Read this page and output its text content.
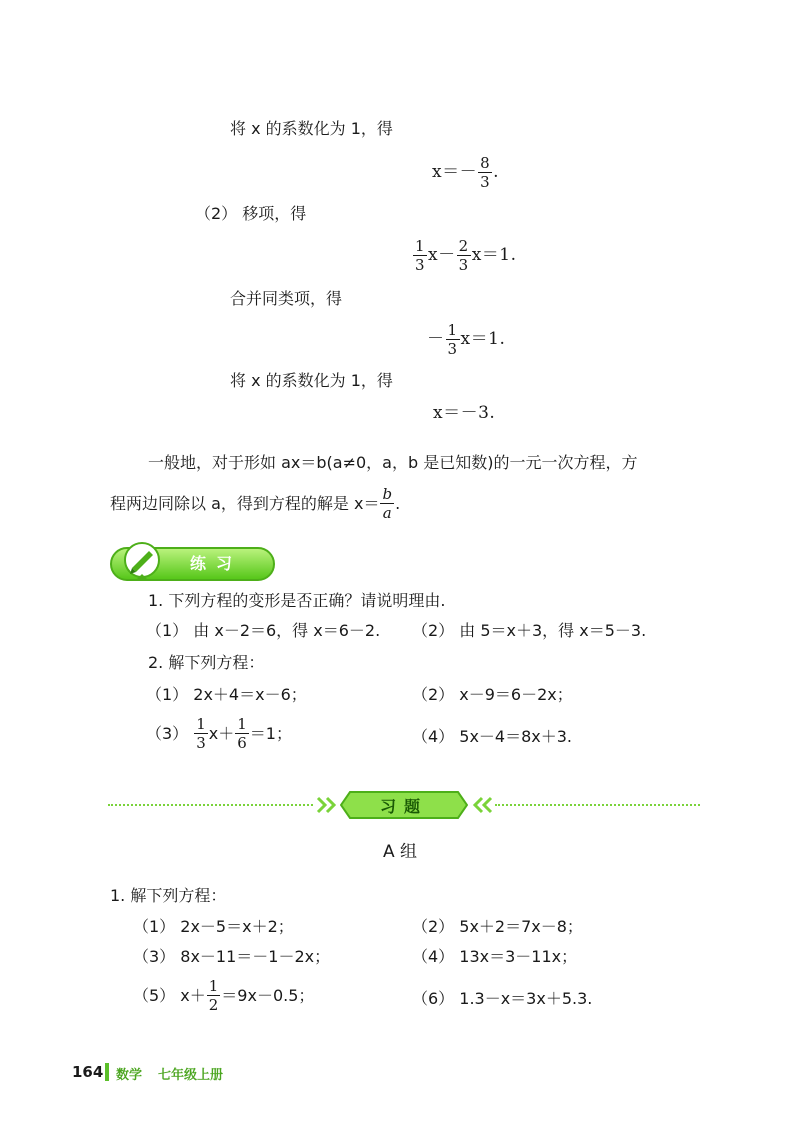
将 x 的系数化为 1，得
$x=- \frac{8}{3}$ .
（2） 移项，得
$\frac{1}{3} x- \frac{2}{3} x=1$.
合并同类项，得
－ $\frac{1}{3} x=1$.
将 x 的系数化为 1，得
x＝－3.
一般地，对于形如 ax＝b(a≠0，a，b 是已知数)的一元一次方程，方
程两边同除以 a，得到方程的解是 $x= \frac{b}{a}$ .
练习
1. 下列方程的变形是否正确？请说明理由.
（1） 由 x－2＝6，得 x＝6－2. （2） 由 5＝x＋3，得 x＝5－3.
2. 解下列方程：
（1） 2x＋4＝x－6；	（2） x－9＝6－2x；
$(3) \frac{1}{3} x+ \frac{1}{6} =1$；	（4） 5x－4＝8x＋3.
习题
A 组
1. 解下列方程：
（1） 2x－5＝x＋2；	（2） 5x＋2＝7x－8；
（3） 8x－11＝－1－2x；	（4） 13x＝3－11x；
（5） $x+ \frac{1}{2} =9x-0.5$；	（6） 1.3－x＝3x＋5.3.
164 数学 七年级上册
